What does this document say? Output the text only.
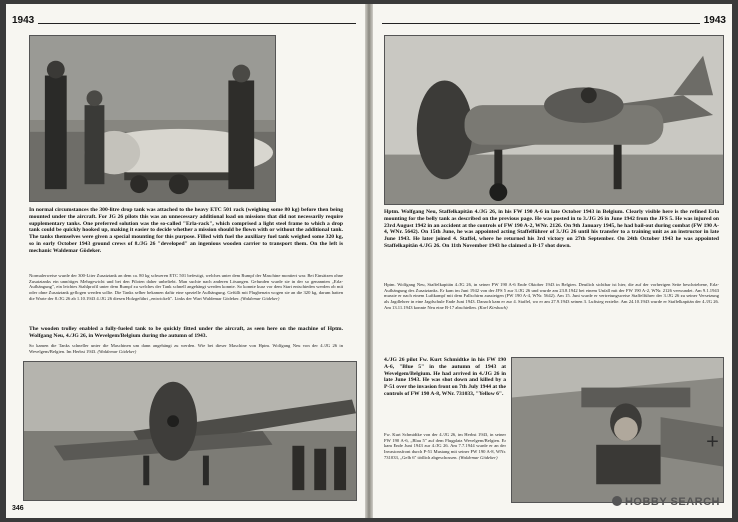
1943
In normal circumstances the 300-litre drop tank was attached to the heavy ETC 501 rack (weighing some 80 kg) before then being mounted under the aircraft. For JG 26 pilots this was an unnecessary additional load on missions that did not necessarily require supplementary tanks. One preferred solution was the so-called "Erla-rack", which comprised a light steel frame to which a drop tank could be quickly hooked up, making it easier to decide whether a mission should be flown with or without the additional tank. The tanks themselves were given a special mounting for this purpose. Filled with fuel the auxiliary fuel tank weighed some 320 kg, so in early October 1943 ground crews of 8./JG 26 "developed" an ingenious wooden carrier to transport them. On the left is mechanic Waldemar Gödeker.
Normalerweise wurde der 300-Liter Zusatztank an dem ca. 80 kg schweren ETC 501 befestigt, welches unter dem Rumpf der Maschine montiert war. Bei Einsätzen ohne Zusatztanks ein unnötiges Mehrgewicht und bei den Piloten daher unbeliebt. Man suchte nach anderen Lösungen. Gefunden wurde sie in der so genannten „Erla-Aufhängung", ein leichtes Stahlprofil unter dem Rumpf zu welches der Tank schnell angehängt werden konnte. So konnte kurz vor dem Start entschieden werden ob mit oder ohne Zusatztank geflogen werden sollte. Die Tanks selber bekamen dafür eine spezielle Aufhängung. Gefüllt mit Flugbenzin wogen sie an die 320 kg, darum hatten die Warte der 8./JG 26 ab 1.10.1943 4./JG 26 diesen Holzgefährt „entwickelt". Links der Wart Waldemar Gödeker. (Waldemar Gödeker)
The wooden trolley enabled a fully-fueled tank to be quickly fitted under the aircraft, as seen here on the machine of Hptm. Wolfgang Neu, 4./JG 26, in Wevelgem/Belgium during the autumn of 1943.
So kamen die Tanks schneller unter die Maschinen um dann angehängt zu werden. Wie bei dieser Maschine von Hptm. Wolfgang Neu von der 4./JG 26 in Wevelgem/Belgien. Im Herbst 1943. (Waldemar Gödeker)
346
1943
Hptm. Wolfgang Neu, Staffelkapitän 4./JG 26, in his FW 190 A-6 in late October 1943 in Belgium. Clearly visible here is the refined Erla mounting for the belly tank as described on the previous page. He was posted in to 3./JG 26 in June 1942 from the JFS 5. He was injured on 23rd August 1942 in an accident at the controls of FW 190 A-2, WNr. 2126. On 9th January 1945, he had bail-out during combat (FW 190 A-4, WNr. 5642). On 15th June, he was appointed acting Staffelführer of 3./JG 26 until his transfer to a training unit as an instructor in late June 1943. He later joined 4. Staffel, where he returned his 3rd victory on 27th September. On 24th October 1943 he was appointed Staffelkapitän 4./JG 26. On 11th November 1943 he claimed a B-17 shot down.
Hptm. Wolfgang Neu, Staffelkapitän 4./JG 26, in seiner FW 190 A-6 Ende Oktober 1943 in Belgien. Deutlich sichtbar ist hier, die auf der vorherigen Seite beschriebene, Erla-Aufhängung des Zusatztanks. Er kam im Juni 1942 von der JFS 5 zur 3./JG 26 und wurde am 23.8.1942 bei einem Unfall mit der FW 190 A-2, WNr. 2126 verwundet. Am 9.1.1943 musste er nach einem Luftkampf mit dem Fallschirm aussteigen (FW 190 A-4, WNr. 5642). Am 15. Juni wurde er vertretungsweise Staffelführer der 3./JG 26 zu seiner Versetzung als Jagdlehrer in eine Jagdschule Ende Juni 1943. Danach kam er zur 4. Staffel, wo er am 27.9.1943 seinen 3. Luftsieg erzielte. Am 24.10.1943 wurde er Staffelkapitän der 4./JG 26. Am 13.11.1943 konnte Neu eine B-17 abschießen. (Karl Kirsbach)
4./JG 26 pilot Fw. Kurt Schmidtke in his FW 190 A-6, "Blue 5" in the autumn of 1943 at Wevelgem/Belgium. He had arrived in 4./JG 26 in late June 1943. He was shot down and killed by a P-51 over the invasion front on 7th July 1944 at the controls of FW 190 A-8, WNr. 731033, "Yellow 6".
Fw. Kurt Schmidtke von der 4./JG 26, im Herbst 1943, in seiner FW 190 A-6, „Blau 5" auf dem Flugplatz Wevelgem/Belgien. Er kam Ende Juni 1943 zur 4./JG 26. Am 7.7.1944 wurde er an der Invasionsfront durch P-51 Mustang mit seiner FW 190 A-8, WNr. 731033, „Gelb 6" tödlich abgeschossen. (Waldemar Gödeker)
+
HOBBY SEARCH
